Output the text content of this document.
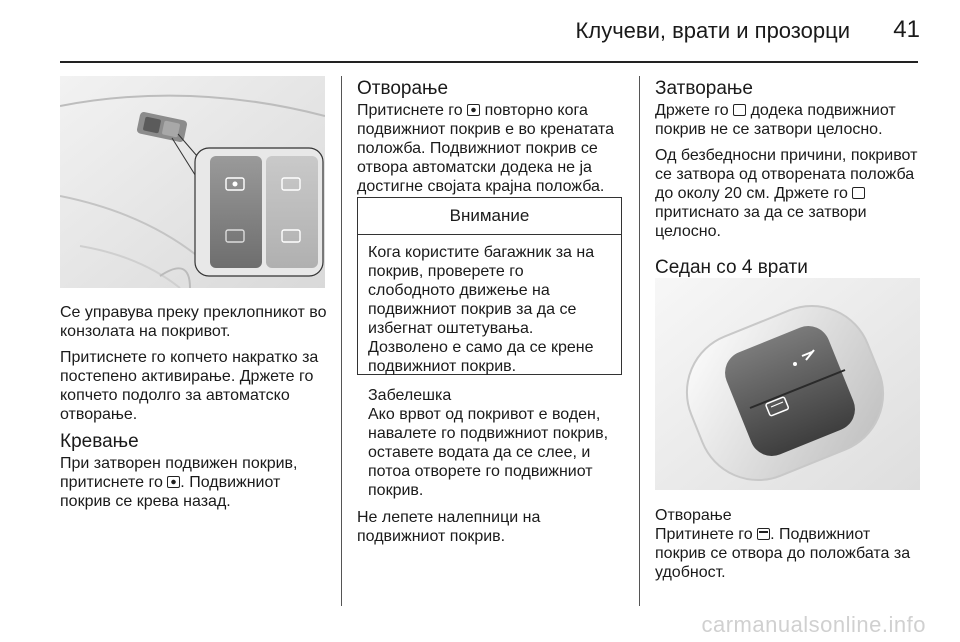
Клучеви, врати и прозорци 41

Се управува преку преклопникот во конзолата на покривот.

Притиснете го копчето накратко за постепено активирање. Држете го копчето подолго за автоматско отворање.

Кревање

При затворен подвижен покрив, притиснете го . Подвижниот покрив се крева назад.

Отворање

Притиснете го  повторно кога подвижниот покрив е во кренатата положба. Подвижниот покрив се отвора автоматски додека не ја достигне својата крајна положба.

Внимание
Кога користите багажник за на покрив, проверете го слободното движење на подвижниот покрив за да се избегнат оштетувања.
Дозволено е само да се крене подвижниот покрив.
Забелешка
Ако врвот од покривот е воден, навалете го подвижниот покрив, оставете водата да се слее, и потоа отворете го подвижниот покрив.

Не лепете налепници на подвижниот покрив.

Затворање

Држете го  додека подвижниот покрив не се затвори целосно.

Од безбедносни причини, покривот се затвора од отворената положба до околу 20 см. Држете го  притиснато за да се затвори целосно.

Седан со 4 врати
Отворање

Притинете го . Подвижниот покрив се отвора до положбата за удобност.

carmanualsonline.info
